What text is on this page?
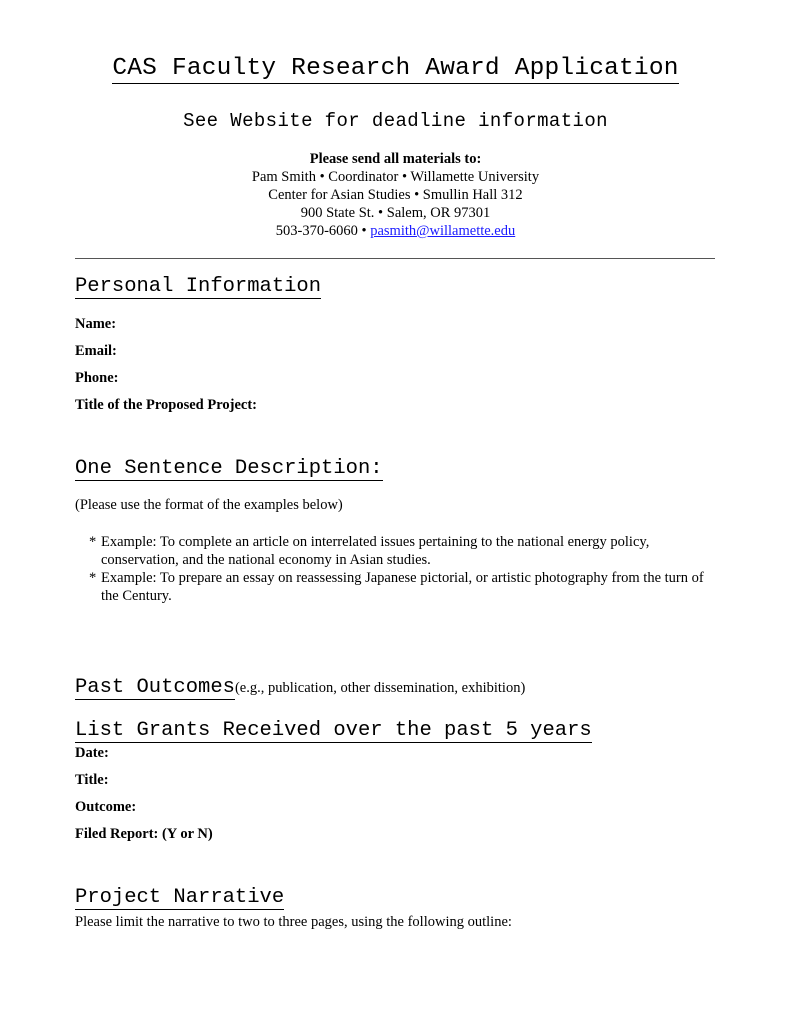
CAS Faculty Research Award Application
See Website for deadline information
Please send all materials to:
Pam Smith • Coordinator • Willamette University
Center for Asian Studies • Smullin Hall 312
900 State St. • Salem, OR 97301
503-370-6060 • pasmith@willamette.edu
Personal Information
Name:
Email:
Phone:
Title of the Proposed Project:
One Sentence Description:
(Please use the format of the examples below)
* Example: To complete an article on interrelated issues pertaining to the national energy policy, conservation, and the national economy in Asian studies.
* Example: To prepare an essay on reassessing Japanese pictorial, or artistic photography from the turn of the Century.
Past Outcomes(e.g., publication, other dissemination, exhibition)
List Grants Received over the past 5 years
Date:
Title:
Outcome:
Filed Report: (Y or N)
Project Narrative
Please limit the narrative to two to three pages, using the following outline:
